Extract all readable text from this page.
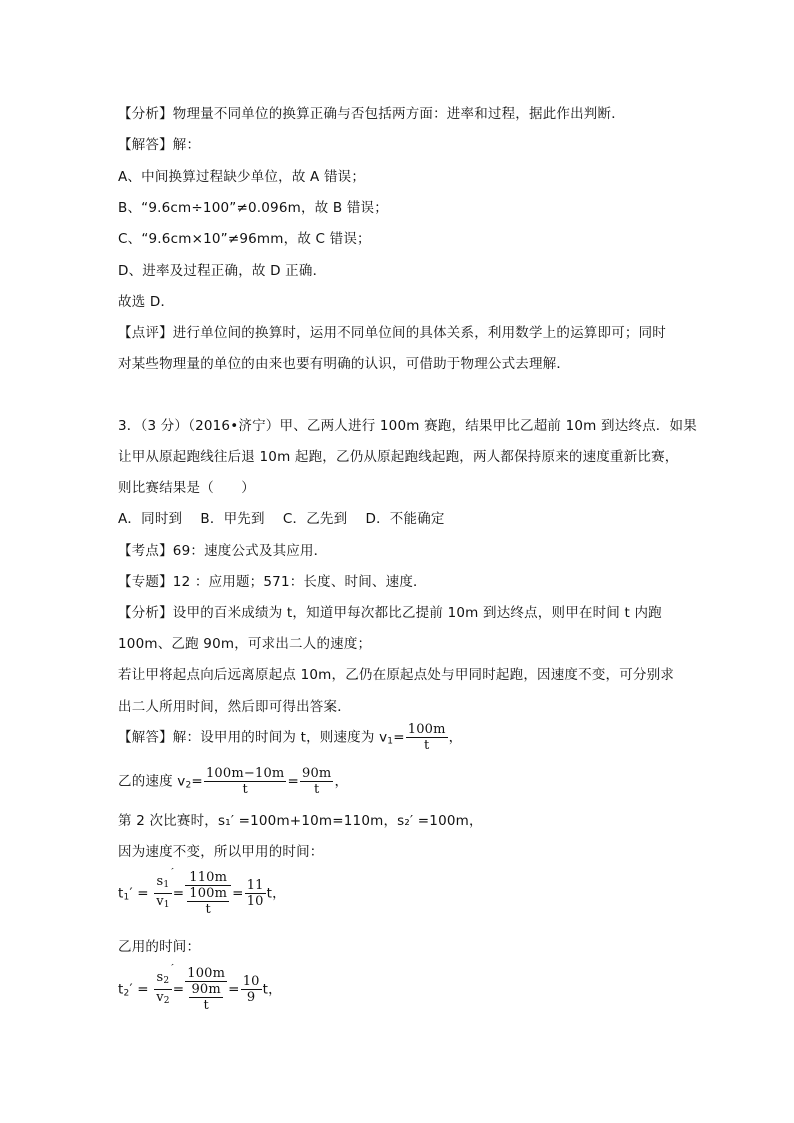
【分析】物理量不同单位的换算正确与否包括两方面：进率和过程，据此作出判断．
【解答】解：
A、中间换算过程缺少单位，故 A 错误；
B、“9.6cm÷100”≠0.096m，故 B 错误；
C、“9.6cm×10”≠96mm，故 C 错误；
D、进率及过程正确，故 D 正确．
故选 D．
【点评】进行单位间的换算时，运用不同单位间的具体关系，利用数学上的运算即可；同时
对某些物理量的单位的由来也要有明确的认识，可借助于物理公式去理解．
3．（3 分）（2016•济宁）甲、乙两人进行 100m 赛跑，结果甲比乙超前 10m 到达终点．如果
让甲从原起跑线往后退 10m 起跑，乙仍从原起跑线起跑，两人都保持原来的速度重新比赛，
则比赛结果是（　　）
A．同时到　 B．甲先到　 C．乙先到　 D．不能确定
【考点】69：速度公式及其应用．
【专题】12 ：应用题；571：长度、时间、速度．
【分析】设甲的百米成绩为 t，知道甲每次都比乙提前 10m 到达终点，则甲在时间 t 内跑
100m、乙跑 90m，可求出二人的速度；
若让甲将起点向后远离原起点 10m，乙仍在原起点处与甲同时起跑，因速度不变，可分别求
出二人所用时间，然后即可得出答案．
【解答】解：设甲用的时间为 t，则速度为 $v_1= \frac{100m}{t}$ ，
乙的速度 $v_2= \frac{100m-10m}{t} = \frac{90m}{t}$ ，
第 2 次比赛时，s₁′ =100m+10m=110m，s₂′ =100m，
因为速度不变，所以甲用的时间：
$t_1' = s_1$
′
$v_1 = \frac{110m}{\frac{100m}{t}} = \frac{11}{10}$ t，
乙用的时间：
$t_2' = s_2$
′
$v_2 = \frac{100m}{\frac{90m}{t}} = \frac{10}{9}$ t，
